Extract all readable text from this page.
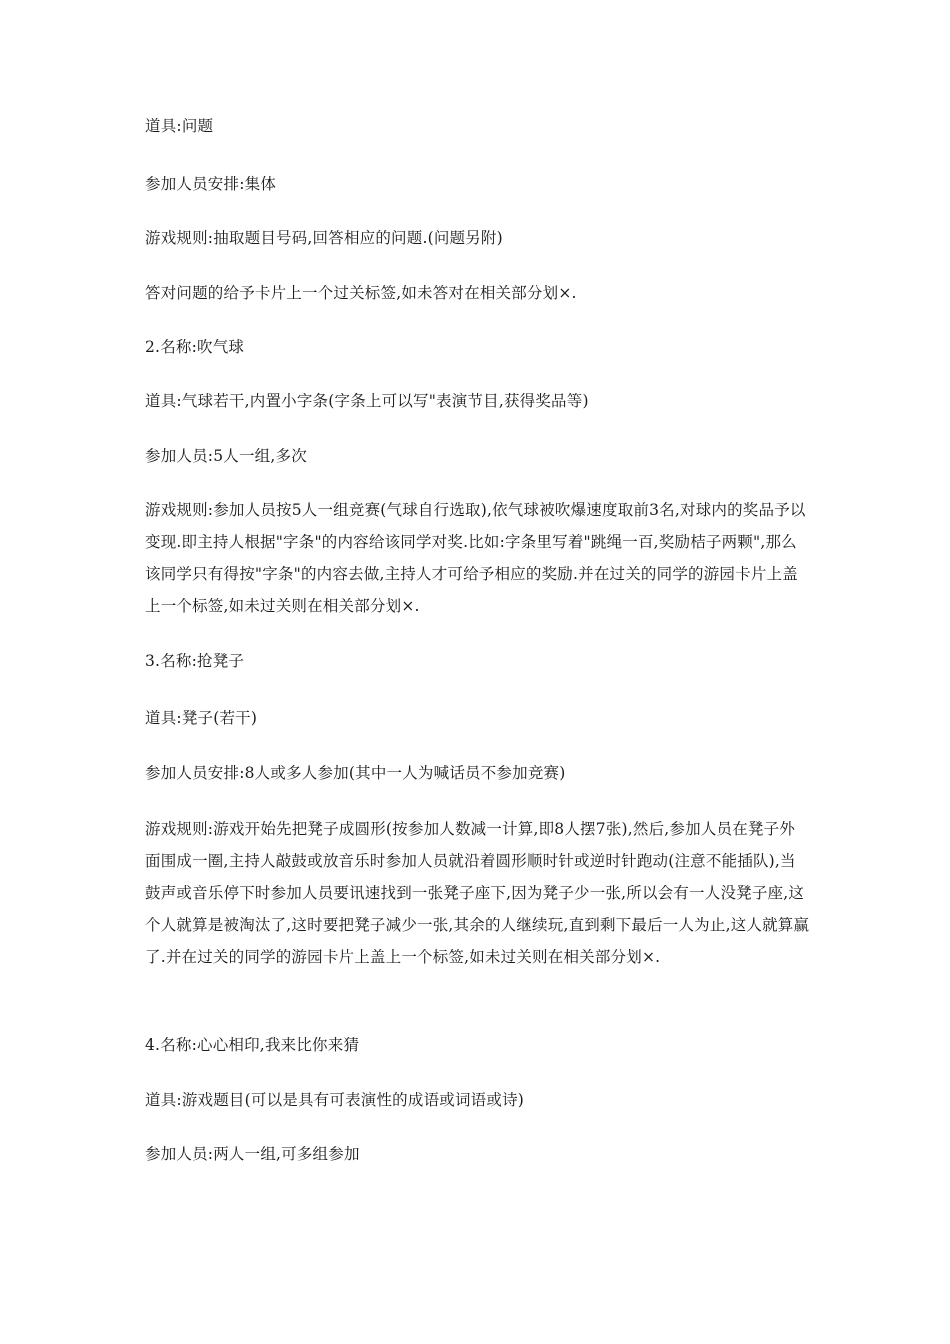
道具:问题

参加人员安排:集体

游戏规则:抽取题目号码,回答相应的问题.(问题另附)

答对问题的给予卡片上一个过关标签,如未答对在相关部分划×.

2.名称:吹气球

道具:气球若干,内置小字条(字条上可以写"表演节目,获得奖品等)

参加人员:5人一组,多次

游戏规则:参加人员按5人一组竞赛(气球自行选取),依气球被吹爆速度取前3名,对球内的奖品予以变现.即主持人根据"字条"的内容给该同学对奖.比如:字条里写着"跳绳一百,奖励桔子两颗",那么该同学只有得按"字条"的内容去做,主持人才可给予相应的奖励.并在过关的同学的游园卡片上盖上一个标签,如未过关则在相关部分划×.

3.名称:抢凳子

道具:凳子(若干)

参加人员安排:8人或多人参加(其中一人为喊话员不参加竞赛)

游戏规则:游戏开始先把凳子成圆形(按参加人数减一计算,即8人摆7张),然后,参加人员在凳子外面围成一圈,主持人敲鼓或放音乐时参加人员就沿着圆形顺时针或逆时针跑动(注意不能插队),当鼓声或音乐停下时参加人员要讯速找到一张凳子座下,因为凳子少一张,所以会有一人没凳子座,这个人就算是被淘汰了,这时要把凳子减少一张,其余的人继续玩,直到剩下最后一人为止,这人就算赢了.并在过关的同学的游园卡片上盖上一个标签,如未过关则在相关部分划×.

4.名称:心心相印,我来比你来猜

道具:游戏题目(可以是具有可表演性的成语或词语或诗)

参加人员:两人一组,可多组参加
